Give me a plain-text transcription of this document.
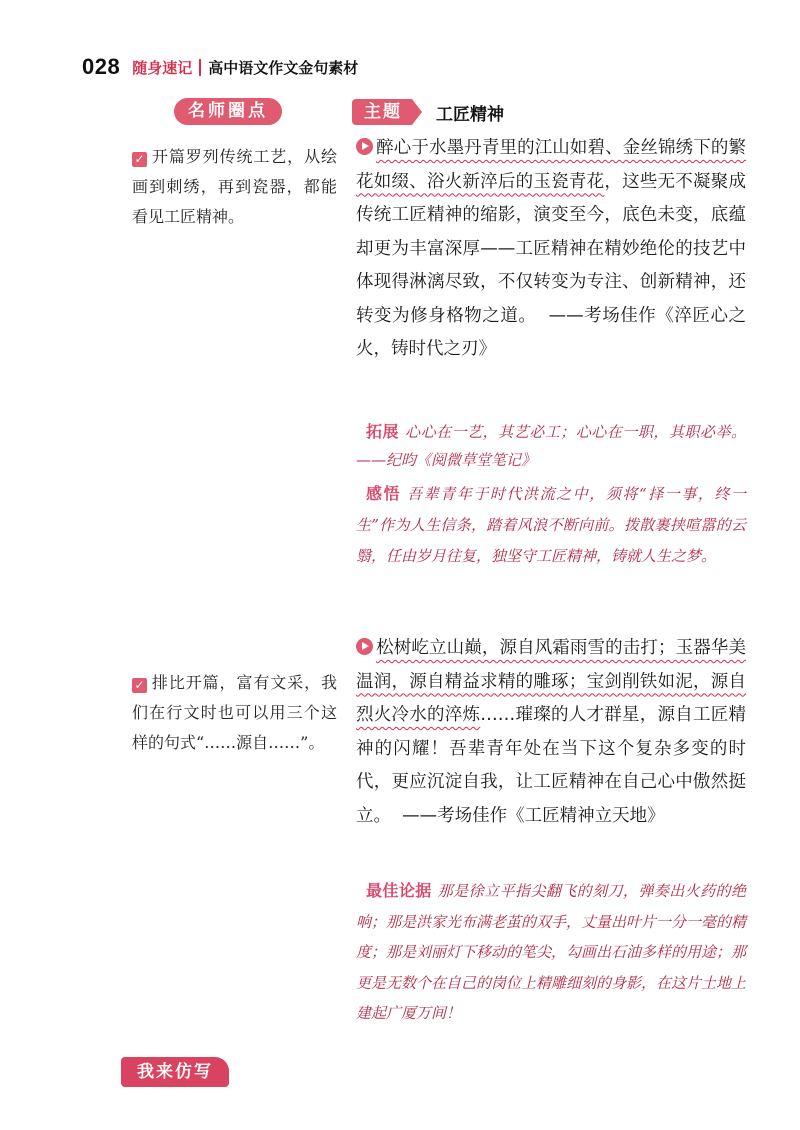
028 随身速记 高中语文作文金句素材
名师圈点	主题	工匠精神
✓ 开篇罗列传统工艺，从绘画到刺绣，再到瓷器，都能看见工匠精神。
醉心于水墨丹青里的江山如碧、金丝锦绣下的繁花如缀、浴火新淬后的玉瓷青花，这些无不凝聚成传统工匠精神的缩影，演变至今，底色未变，底蕴却更为丰富深厚——工匠精神在精妙绝伦的技艺中体现得淋漓尽致，不仅转变为专注、创新精神，还转变为修身格物之道。 ——考场佳作《淬匠心之火，铸时代之刃》
拓展 心心在一艺，其艺必工；心心在一职，其职必举。——纪昀《阅微草堂笔记》
感悟 吾辈青年于时代洪流之中，须将“择一事，终一生”作为人生信条，踏着风浪不断向前。拨散裹挟喧嚣的云翳，任由岁月往复，独坚守工匠精神，铸就人生之梦。
松树屹立山巅，源自风霜雨雪的击打；玉器华美温润，源自精益求精的雕琢；宝剑削铁如泥，源自烈火冷水的淬炼……璀璨的人才群星，源自工匠精神的闪耀！吾辈青年处在当下这个复杂多变的时代，更应沉淀自我，让工匠精神在自己心中傲然挺立。 ——考场佳作《工匠精神立天地》
✓ 排比开篇，富有文采，我们在行文时也可以用三个这样的句式“……源自……”。
最佳论据 那是徐立平指尖翻飞的刻刀，弹奏出火药的绝响；那是洪家光布满老茧的双手，丈量出叶片一分一毫的精度；那是刘丽灯下移动的笔尖，勾画出石油多样的用途；那更是无数个在自己的岗位上精雕细刻的身影，在这片土地上建起广厦万间！
我来仿写
